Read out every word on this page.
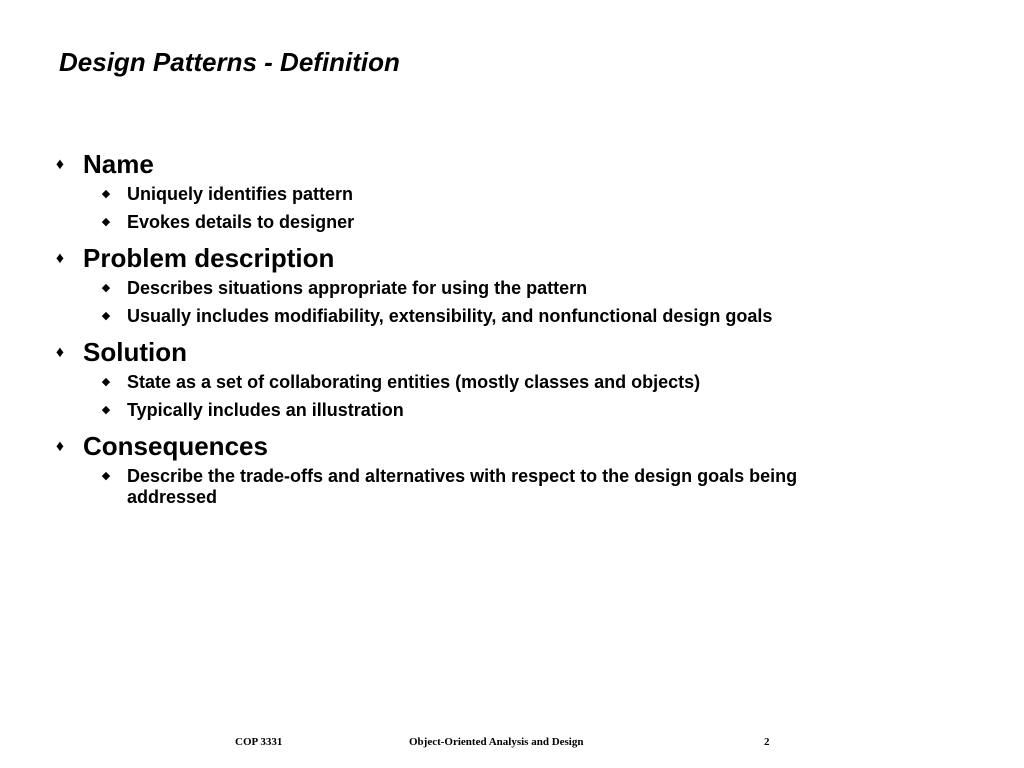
Design Patterns - Definition
♦ Name
◆ Uniquely identifies pattern
◆ Evokes details to designer
♦ Problem description
◆ Describes situations appropriate for using the pattern
◆ Usually includes modifiability, extensibility, and nonfunctional design goals
♦ Solution
◆ State as a set of collaborating entities (mostly classes and objects)
◆ Typically includes an illustration
♦ Consequences
◆ Describe the trade-offs and alternatives with respect to the design goals being addressed
COP 3331	Object-Oriented Analysis and Design	2
